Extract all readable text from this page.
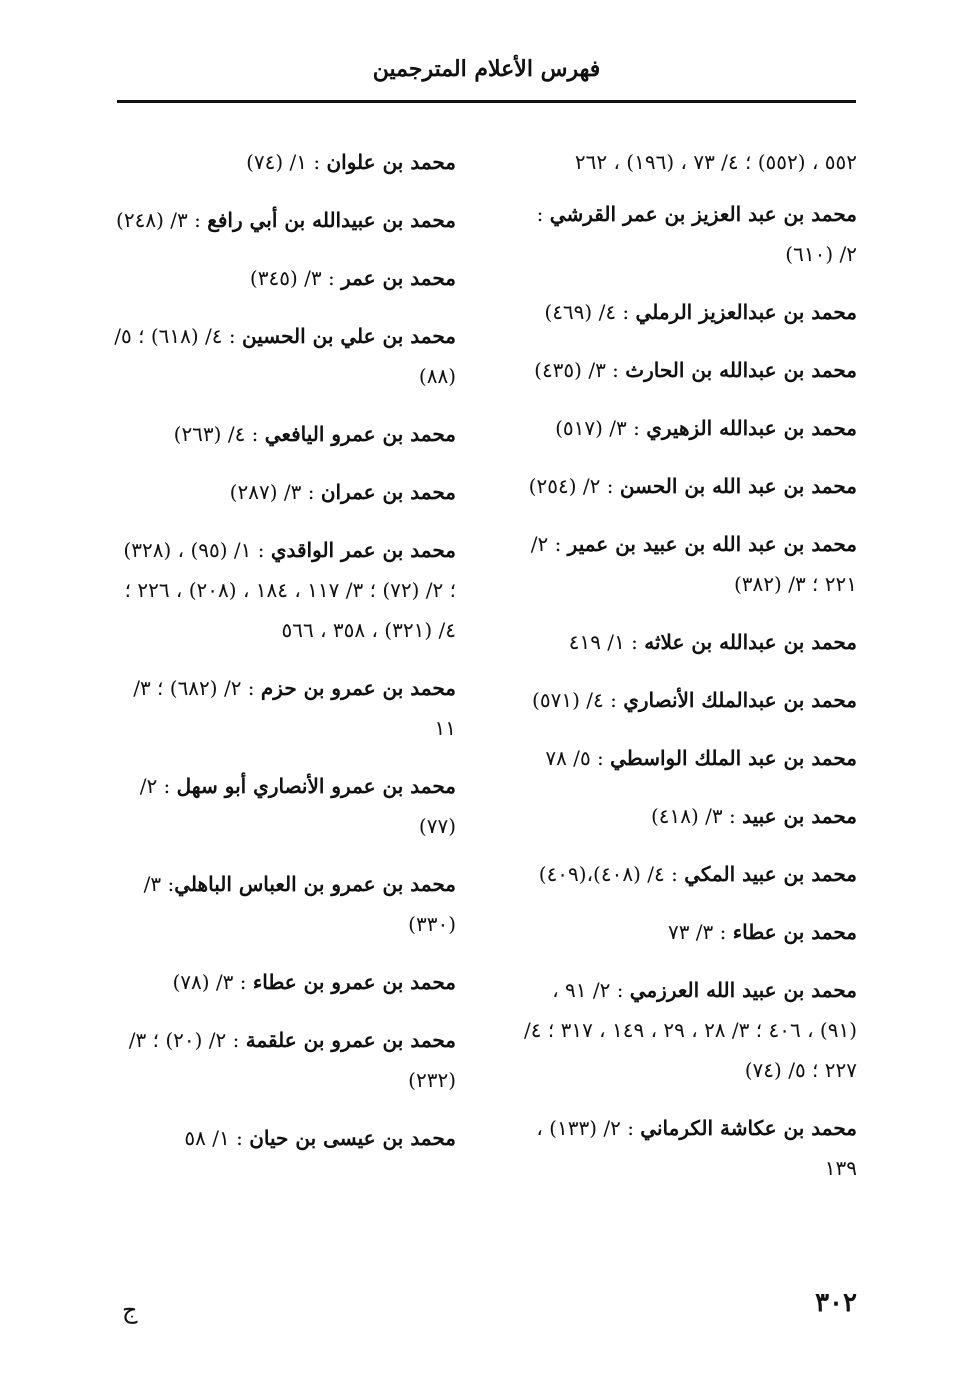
فهرس الأعلام المترجمين
٥٥٢ ، (٥٥٢) ؛ ٤/ ٧٣ ، (١٩٦) ، ٢٦٢
محمد بن عبد العزيز بن عمر القرشي : ٢/ (٦١٠)
محمد بن عبدالعزيز الرملي : ٤/ (٤٦٩)
محمد بن عبدالله بن الحارث : ٣/ (٤٣٥)
محمد بن عبدالله الزهيري : ٣/ (٥١٧)
محمد بن عبد الله بن الحسن : ٢/ (٢٥٤)
محمد بن عبد الله بن عبيد بن عمير : ٢/ ٢٢١ ؛ ٣/ (٣٨٢)
محمد بن عبدالله بن علاثه : ١/ ٤١٩
محمد بن عبدالملك الأنصاري : ٤/ (٥٧١)
محمد بن عبد الملك الواسطي : ٥/ ٧٨
محمد بن عبيد : ٣/ (٤١٨)
محمد بن عبيد المكي : ٤/ (٤٠٨)،(٤٠٩)
محمد بن عطاء : ٣/ ٧٣
محمد بن عبيد الله العرزمي : ٢/ ٩١ ، (٩١) ، ٤٠٦ ؛ ٣/ ٢٨ ، ٢٩ ، ١٤٩ ، ٣١٧ ؛ ٤/ ٢٢٧ ؛ ٥/ (٧٤)
محمد بن عكاشة الكرماني : ٢/ (١٣٣) ، ١٣٩
محمد بن علوان : ١/ (٧٤)
محمد بن عبيدالله بن أبي رافع : ٣/ (٢٤٨)
محمد بن عمر : ٣/ (٣٤٥)
محمد بن علي بن الحسين : ٤/ (٦١٨) ؛ ٥/ (٨٨)
محمد بن عمرو اليافعي : ٤/ (٢٦٣)
محمد بن عمران : ٣/ (٢٨٧)
محمد بن عمر الواقدي : ١/ (٩٥) ، (٣٢٨) ؛ ٢/ (٧٢) ؛ ٣/ ١١٧ ، ١٨٤ ، (٢٠٨) ، ٢٢٦ ؛ ٤/ (٣٢١) ، ٣٥٨ ، ٥٦٦
محمد بن عمرو بن حزم : ٢/ (٦٨٢) ؛ ٣/ ١١
محمد بن عمرو الأنصاري أبو سهل : ٢/ (٧٧)
محمد بن عمرو بن العباس الباهلي: ٣/ (٣٣٠)
محمد بن عمرو بن عطاء : ٣/ (٧٨)
محمد بن عمرو بن علقمة : ٢/ (٢٠) ؛ ٣/ (٢٣٢)
محمد بن عيسى بن حيان : ١/ ٥٨
٣٠٢
ج
